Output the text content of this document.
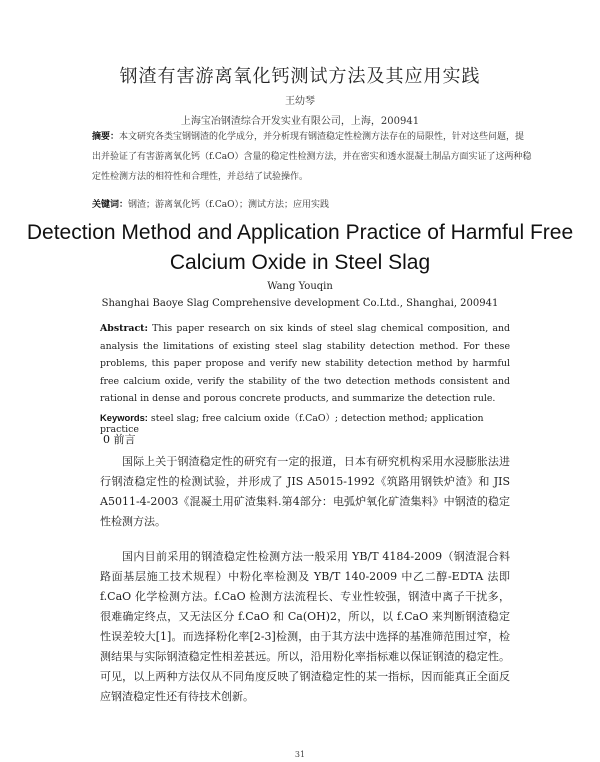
钢渣有害游离氧化钙测试方法及其应用实践
王幼琴
上海宝冶钢渣综合开发实业有限公司，上海，200941
摘要：本文研究各类宝钢钢渣的化学成分，并分析现有钢渣稳定性检测方法存在的局限性，针对这些问题，提出并验证了有害游离氧化钙（f.CaO）含量的稳定性检测方法，并在密实和透水混凝土制品方面实证了这两种稳定性检测方法的相符性和合理性，并总结了试验操作。
关键词：钢渣；游离氧化钙（f.CaO）；测试方法；应用实践
Detection Method and Application Practice of Harmful Free Calcium Oxide in Steel Slag
Wang Youqin
Shanghai Baoye Slag Comprehensive development Co.Ltd., Shanghai, 200941
Abstract: This paper research on six kinds of steel slag chemical composition, and analysis the limitations of existing steel slag stability detection method. For these problems, this paper propose and verify new stability detection method by harmful free calcium oxide, verify the stability of the two detection methods consistent and rational in dense and porous concrete products, and summarize the detection rule.
Keywords: steel slag; free calcium oxide（f.CaO）; detection method; application practice
0 前言
国际上关于钢渣稳定性的研究有一定的报道，日本有研究机构采用水浸膨胀法进行钢渣稳定性的检测试验，并形成了 JIS A5015-1992《筑路用钢铁炉渣》和 JIS A5011-4-2003《混凝土用矿渣集料.第4部分：电弧炉氧化矿渣集料》中钢渣的稳定性检测方法。
国内目前采用的钢渣稳定性检测方法一般采用 YB/T 4184-2009（钢渣混合料路面基层施工技术规程）中粉化率检测及 YB/T 140-2009 中乙二醇-EDTA 法即 f.CaO 化学检测方法。f.CaO 检测方法流程长、专业性较强，钢渣中离子干扰多，很难确定终点，又无法区分 f.CaO 和 Ca(OH)2，所以，以 f.CaO 来判断钢渣稳定性误差较大[1]。而选择粉化率[2-3]检测，由于其方法中选择的基准筛范围过窄，检测结果与实际钢渣稳定性相差甚远。所以，沿用粉化率指标难以保证钢渣的稳定性。可见，以上两种方法仅从不同角度反映了钢渣稳定性的某一指标，因而能真正全面反应钢渣稳定性还有待技术创新。
31
